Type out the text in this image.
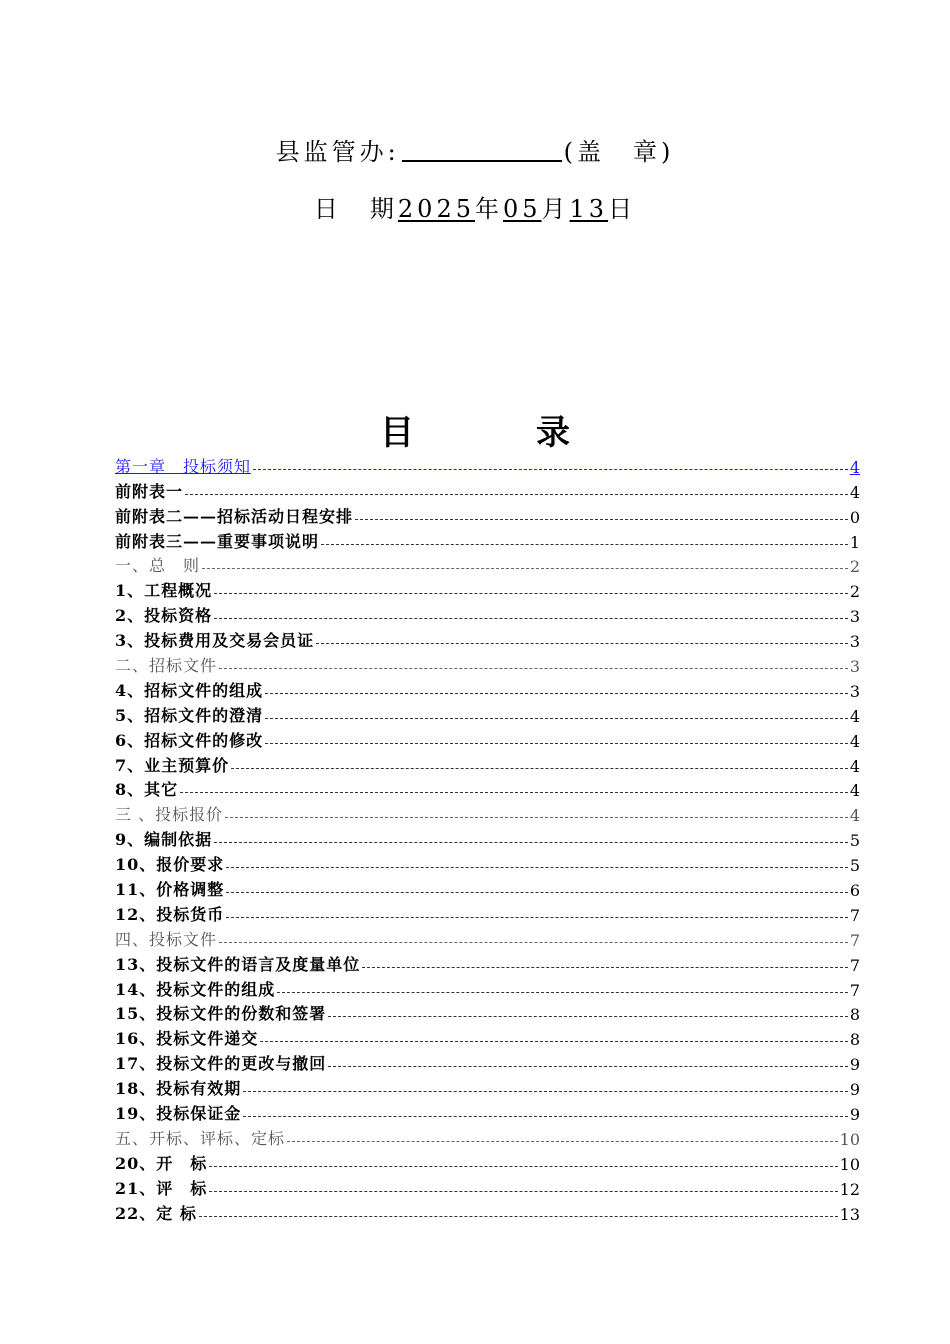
县监管办:	(盖　章)
日　期2025年05月13日
目　录
第一章　投标须知	4
前附表一	4
前附表二——招标活动日程安排	0
前附表三——重要事项说明	1
一、总　则	2
1、工程概况	2
2、投标资格	3
3、投标费用及交易会员证	3
二、招标文件	3
4、招标文件的组成	3
5、招标文件的澄清	4
6、招标文件的修改	4
7、业主预算价	4
8、其它	4
三 、投标报价	4
9、编制依据	5
10、报价要求	5
11、价格调整	6
12、投标货币	7
四、投标文件	7
13、投标文件的语言及度量单位	7
14、投标文件的组成	7
15、投标文件的份数和签署	8
16、投标文件递交	8
17、投标文件的更改与撤回	9
18、投标有效期	9
19、投标保证金	9
五、开标、评标、定标	10
20、开　标	10
21、评　标	12
22、定 标	13
